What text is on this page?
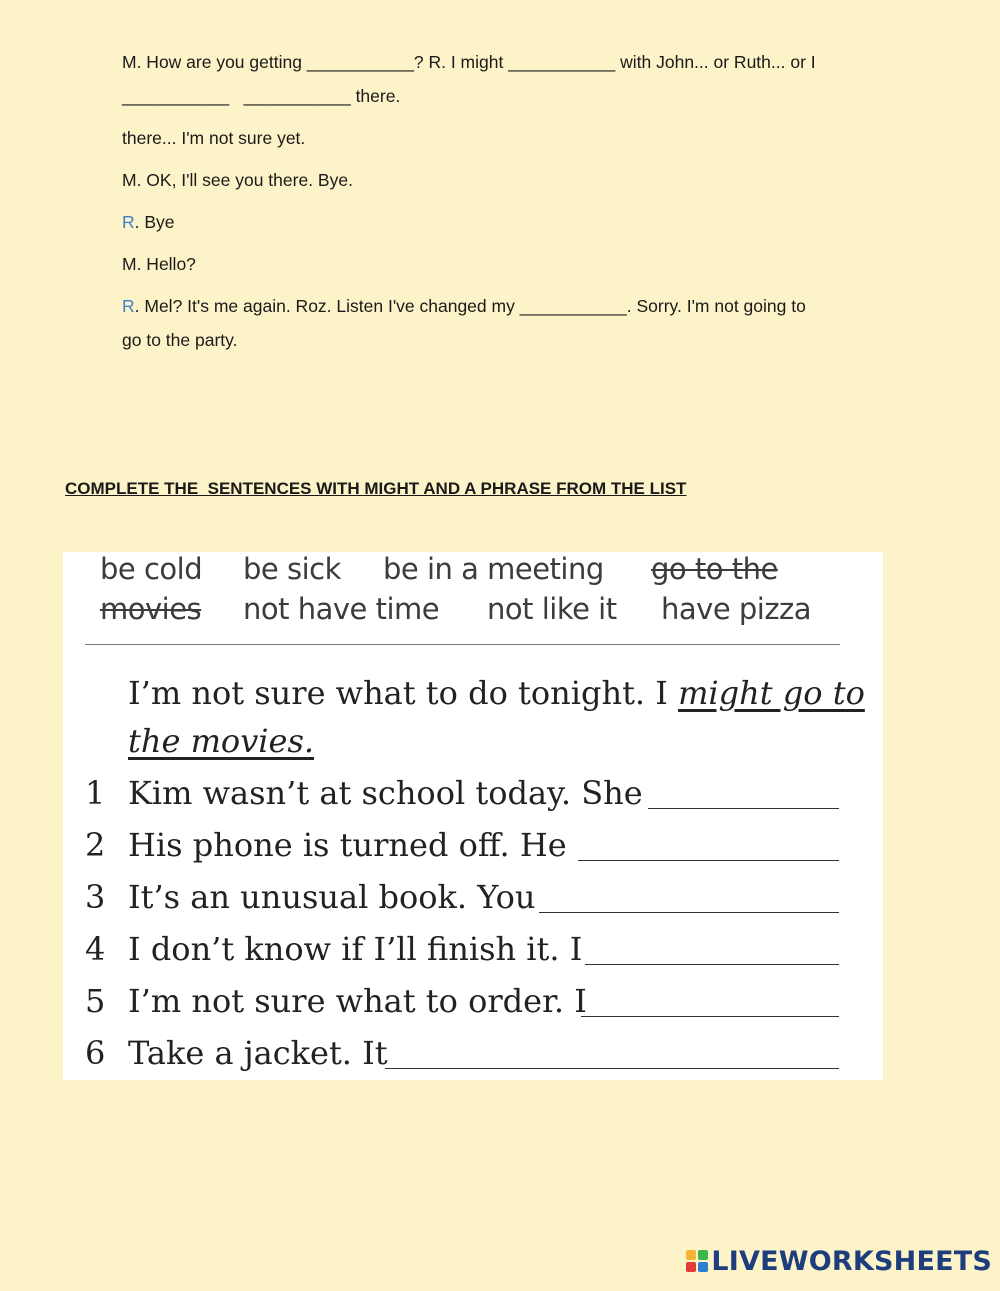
M. How are you getting ___________? R. I might ___________ with John... or Ruth... or I
___________   ___________ there.
there... I'm not sure yet.
M. OK, I'll see you there. Bye.
R. Bye
M. Hello?
R. Mel? It's me again. Roz. Listen I've changed my ___________. Sorry. I'm not going to
go to the party.
COMPLETE THE  SENTENCES WITH MIGHT AND A PHRASE FROM THE LIST
be cold be sick be in a meeting go to the
movies not have time not like it have pizza
I’m not sure what to do tonight. I might go to
the movies.
1 Kim wasn’t at school today. She
2 His phone is turned off. He
3 It’s an unusual book. You
4 I don’t know if I’ll finish it. I
5 I’m not sure what to order. I
6 Take a jacket. It
LIVEWORKSHEETS
